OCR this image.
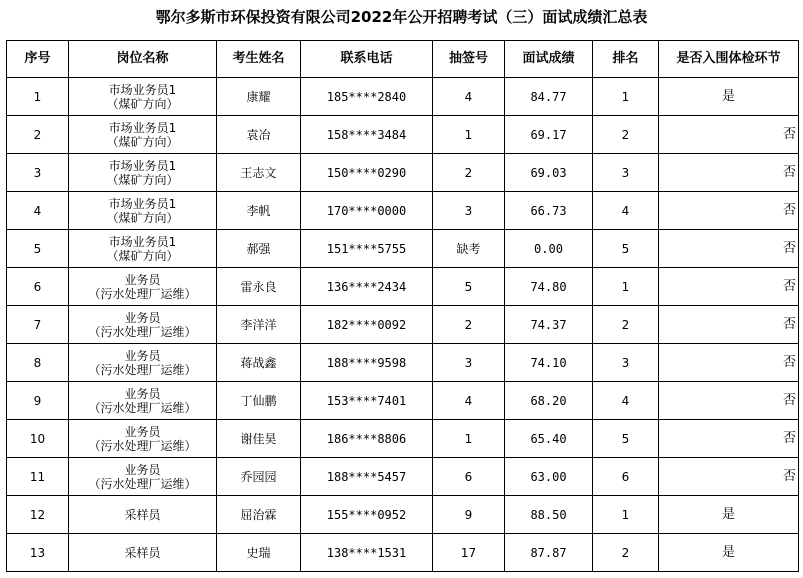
鄂尔多斯市环保投资有限公司2022年公开招聘考试（三）面试成绩汇总表
序号	岗位名称	考生姓名	联系电话	抽签号	面试成绩	排名	是否入围体检环节
1	市场业务员1
（煤矿方向）	康耀	185****2840	4	84.77	1	是
2	市场业务员1
（煤矿方向）	袁冶	158****3484	1	69.17	2	否
3	市场业务员1
（煤矿方向）	王志文	150****0290	2	69.03	3	否
4	市场业务员1
（煤矿方向）	李帆	170****0000	3	66.73	4	否
5	市场业务员1
（煤矿方向）	郝强	151****5755	缺考	0.00	5	否
6	业务员
（污水处理厂运维）	雷永良	136****2434	5	74.80	1	否
7	业务员
（污水处理厂运维）	李洋洋	182****0092	2	74.37	2	否
8	业务员
（污水处理厂运维）	蒋战鑫	188****9598	3	74.10	3	否
9	业务员
（污水处理厂运维）	丁仙鹏	153****7401	4	68.20	4	否
10	业务员
（污水处理厂运维）	谢佳昊	186****8806	1	65.40	5	否
11	业务员
（污水处理厂运维）	乔园园	188****5457	6	63.00	6	否
12	采样员	屈治霖	155****0952	9	88.50	1	是
13	采样员	史瑞	138****1531	17	87.87	2	是
